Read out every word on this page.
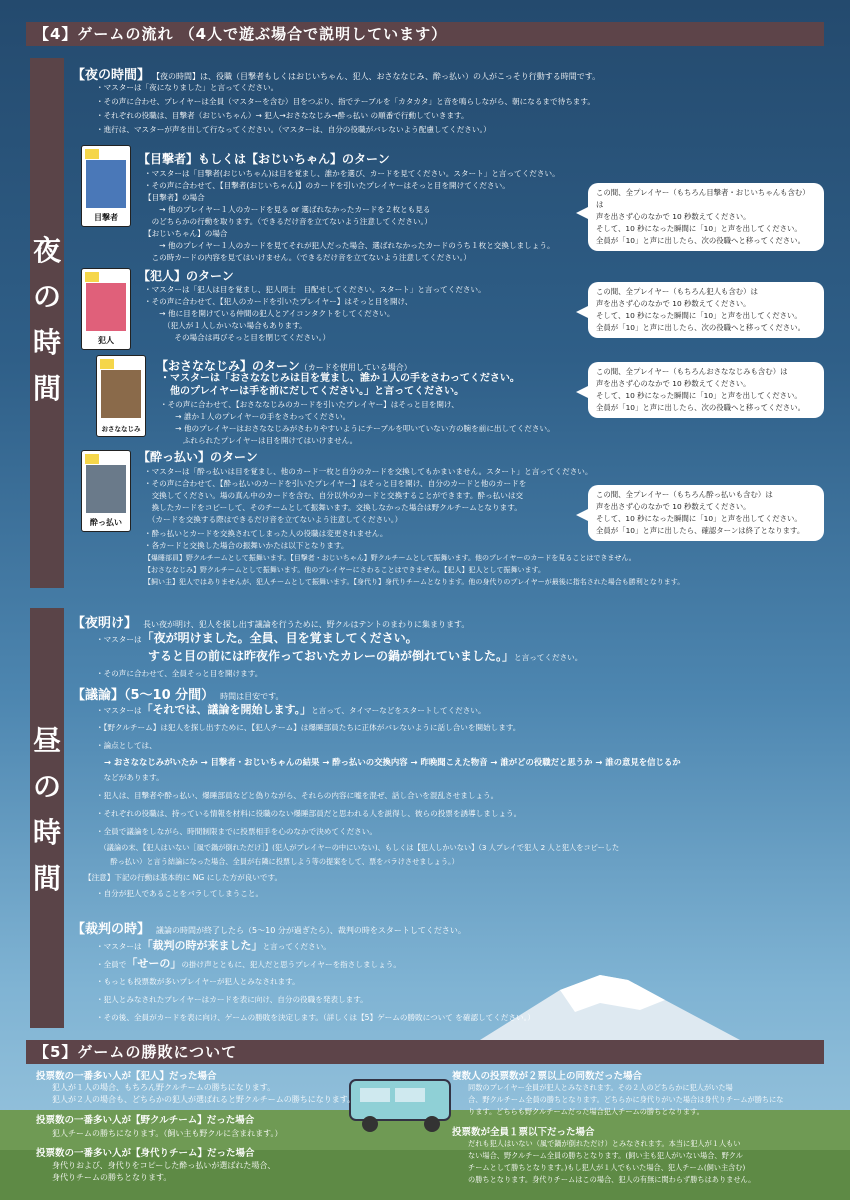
【4】ゲームの流れ （4人で遊ぶ場合で説明しています）
夜
の
時
間
【夜の時間】 【夜の時間】は、役職（目撃者もしくはおじいちゃん、犯人、おさななじみ、酔っ払い）の人がこっそり行動する時間です。
・マスターは「夜になりました」と言ってください。
・その声に合わせ、プレイヤーは全員（マスターを含む）目をつぶり、指でテーブルを「カタカタ」と音を鳴らしながら、朝になるまで待ちます。
・それぞれの役職は、目撃者（おじいちゃん）→ 犯人→おさななじみ→酔っ払い の順番で行動していきます。
・進行は、マスターが声を出して行なってください。（マスターは、自分の役職がバレないよう配慮してください。）
目撃者
【目撃者】もしくは【おじいちゃん】のターン
・マスターは「目撃者(おじいちゃん)は目を覚まし、誰かを選び、カードを見てください。スタート」と言ってください。
・その声に合わせて、【目撃者(おじいちゃん)】のカードを引いたプレイヤーはそっと目を開けてください。
【目撃者】の場合
　　→ 他のプレイヤー１人のカードを見る or 選ばれなかったカードを２枚とも見る
　のどちらかの行動を取ります。（できるだけ音を立てないよう注意してください。）
【おじいちゃん】の場合
　　→ 他のプレイヤー１人のカードを見てそれが犯人だった場合、選ばれなかったカードのうち１枚と交換しましょう。
　この時カードの内容を見てはいけません。（できるだけ音を立てないよう注意してください。）
この間、全プレイヤー（もちろん目撃者・おじいちゃんも含む）は
声を出さず心のなかで 10 秒数えてください。
そして、10 秒になった瞬間に「10」と声を出してください。
全員が「10」と声に出したら、次の役職へと移ってください。
犯人
【犯人】のターン
・マスターは「犯人は目を覚まし、犯人同士　目配せしてください。スタート」と言ってください。
・その声に合わせて、【犯人のカードを引いたプレイヤー】はそっと目を開け、
　　→ 他に目を開けている仲間の犯人とアイコンタクトをしてください。
　　　（犯人が１人しかいない場合もあります。
　　　　その場合は再びそっと目を閉じてください。）
この間、全プレイヤー（もちろん犯人も含む）は
声を出さず心のなかで 10 秒数えてください。
そして、10 秒になった瞬間に「10」と声を出してください。
全員が「10」と声に出したら、次の役職へと移ってください。
おさななじみ
【おさななじみ】のターン（カードを使用している場合）
・マスターは「おさななじみは目を覚まし、誰か１人の手をさわってください。
　他のプレイヤーは手を前にだしてください。」と言ってください。
・その声に合わせて、【おさななじみのカードを引いたプレイヤー】はそっと目を開け、
　　→ 誰か１人のプレイヤーの手をさわってください。
　　→ 他のプレイヤーはおさななじみがさわりやすいようにテーブルを叩いていない方の腕を前に出してください。
　　　ふれられたプレイヤーは目を開けてはいけません。
この間、全プレイヤー（もちろんおさななじみも含む）は
声を出さず心のなかで 10 秒数えてください。
そして、10 秒になった瞬間に「10」と声を出してください。
全員が「10」と声に出したら、次の役職へと移ってください。
酔っ払い
【酔っ払い】のターン
・マスターは「酔っ払いは目を覚まし、他のカード一枚と自分のカードを交換してもかまいません。スタート」と言ってください。
・その声に合わせて、【酔っ払いのカードを引いたプレイヤー】はそっと目を開け、自分のカードと他のカードを
　交換してください。場の真ん中のカードを含む、自分以外のカードと交換することができます。酔っ払いは交
　換したカードをコピーして、そのチームとして振舞います。交換しなかった場合は野クルチームとなります。
　（カードを交換する際はできるだけ音を立てないよう注意してください。）
・酔っ払いとカードを交換されてしまった人の役職は変更されません。
・各カードと交換した場合の振舞いかたは以下となります。
【爆睡部員】野クルチームとして振舞います。【目撃者・おじいちゃん】野クルチームとして振舞います。他のプレイヤーのカードを見ることはできません。
【おさななじみ】野クルチームとして振舞います。他のプレイヤーにさわることはできません。【犯人】犯人として振舞います。
【飼い主】犯人ではありませんが、犯人チームとして振舞います。【身代り】身代りチームとなります。他の身代りのプレイヤーが最後に指名された場合も勝利となります。
この間、全プレイヤー（もちろん酔っ払いも含む）は
声を出さず心のなかで 10 秒数えてください。
そして、10 秒になった瞬間に「10」と声を出してください。
全員が「10」と声に出したら、確認ターンは終了となります。
昼
の
時
間
【夜明け】 長い夜が明け、犯人を探し出す議論を行うために、野クルはテントのまわりに集まります。
・マスターは「夜が明けました。全員、目を覚ましてください。
すると目の前には昨夜作っておいたカレーの鍋が倒れていました。」と言ってください。
・その声に合わせて、全員そっと目を開けます。
【議論】（5〜10 分間） 時間は目安です。
・マスターは「それでは、議論を開始します。」と言って、タイマーなどをスタートしてください。
・【野クルチーム】は犯人を探し出すために、【犯人チーム】は爆睡部員たちに正体がバレないように話し合いを開始します。
・論点としては、
→ おさななじみがいたか → 目撃者・おじいちゃんの結果 → 酔っ払いの交換内容 → 昨晩聞こえた物音 → 誰がどの役職だと思うか → 誰の意見を信じるか
　などがあります。
・犯人は、目撃者や酔っ払い、爆睡部員などと偽りながら、それらの内容に嘘を混ぜ、話し合いを混乱させましょう。
・それぞれの役職は、持っている情報を材料に役職のない爆睡部員だと思われる人を説得し、彼らの投票を誘導しましょう。
・全員で議論をしながら、時間制限までに投票相手を心のなかで決めてください。
　（議論の末、【犯人はいない［風で鍋が倒れただけ］】(犯人がプレイヤーの中にいない)、もしくは【犯人しかいない】（3 人プレイで犯人 2 人と犯人をコピーした
　　酔っ払い）と言う結論になった場合、全員が右隣に投票しよう等の提案をして、票をバラけさせましょう。）
【注意】下記の行動は基本的に NG にした方が良いです。
・自分が犯人であることをバラしてしまうこと。
【裁判の時】 議論の時間が終了したら（5〜10 分が過ぎたら）、裁判の時をスタートしてください。
・マスターは「裁判の時が来ました」と言ってください。
・全員で「せーの」の掛け声とともに、犯人だと思うプレイヤーを指さしましょう。
・もっとも投票数が多いプレイヤーが犯人とみなされます。
・犯人とみなされたプレイヤーはカードを表に向け、自分の役職を発表します。
・その後、全員がカードを表に向け、ゲームの勝敗を決定します。（詳しくは【5】ゲームの勝敗について を確認してください。）
【5】ゲームの勝敗について
投票数の一番多い人が【犯人】だった場合
犯人が１人の場合、もちろん野クルチームの勝ちになります。
犯人が２人の場合も、どちらかの犯人が選ばれると野クルチームの勝ちになります。
投票数の一番多い人が【野クルチーム】だった場合
犯人チームの勝ちになります。（飼い主も野クルに含まれます。）
投票数の一番多い人が【身代りチーム】だった場合
身代りおよび、身代りをコピーした酔っ払いが選ばれた場合、
身代りチームの勝ちとなります。
複数人の投票数が２票以上の同数だった場合
同数のプレイヤー全員が犯人とみなされます。その２人のどちらかに犯人がいた場
合、野クルチーム全員の勝ちとなります。どちらかに身代りがいた場合は身代りチームが勝ちにな
ります。どちらも野クルチームだった場合犯人チームの勝ちとなります。
投票数が全員１票以下だった場合
だれも犯人はいない（風で鍋が倒れただけ）とみなされます。本当に犯人が１人もい
ない場合、野クルチーム全員の勝ちとなります。(飼い主も犯人がいない場合、野クル
チームとして勝ちとなります。)もし犯人が１人でもいた場合、犯人チーム(飼い主含む)
の勝ちとなります。身代りチームはこの場合、犯人の有無に関わらず勝ちはありません。
